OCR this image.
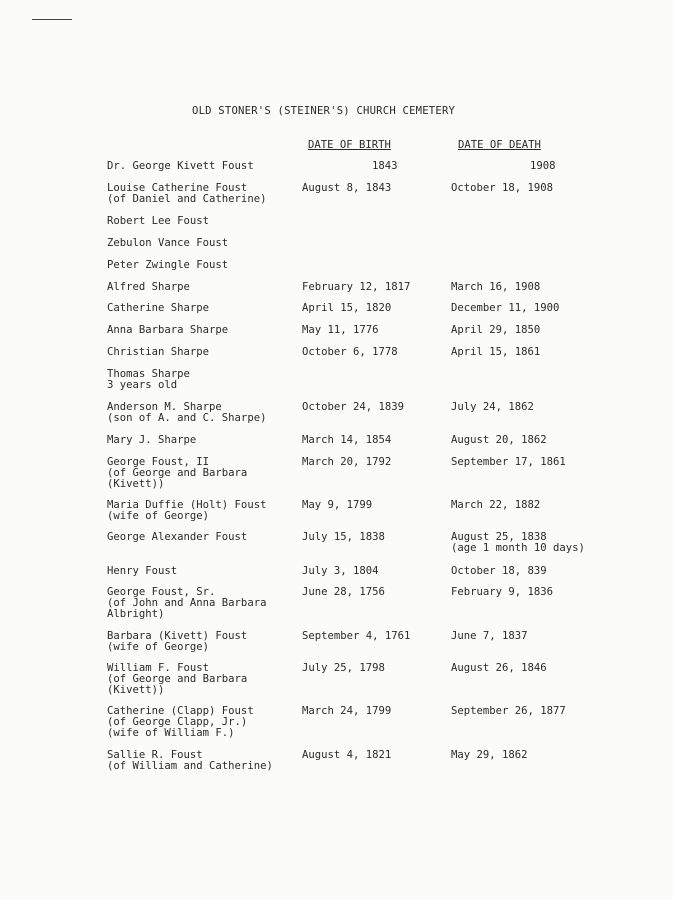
OLD STONER'S (STEINER'S) CHURCH CEMETERY
DATE OF BIRTH	DATE OF DEATH
Dr. George Kivett Foust	1843	1908
Louise Catherine Foust
(of Daniel and Catherine)
August 8, 1843	October 18, 1908
Robert Lee Foust
Zebulon Vance Foust
Peter Zwingle Foust
Alfred Sharpe	February 12, 1817	March 16, 1908
Catherine Sharpe	April 15, 1820	December 11, 1900
Anna Barbara Sharpe	May 11, 1776	April 29, 1850
Christian Sharpe	October 6, 1778	April 15, 1861
Thomas Sharpe
3 years old
Anderson M. Sharpe
(son of A. and C. Sharpe)
October 24, 1839	July 24, 1862
Mary J. Sharpe	March 14, 1854	August 20, 1862
George Foust, II
(of George and Barbara
(Kivett))
March 20, 1792	September 17, 1861
Maria Duffie (Holt) Foust
(wife of George)
May 9, 1799	March 22, 1882
George Alexander Foust	July 15, 1838	August 25, 1838
(age 1 month 10 days)
Henry Foust	July 3, 1804	October 18, 839
George Foust, Sr.
(of John and Anna Barbara
Albright)
June 28, 1756	February 9, 1836
Barbara (Kivett) Foust
(wife of George)
September 4, 1761	June 7, 1837
William F. Foust
(of George and Barbara
(Kivett))
July 25, 1798	August 26, 1846
Catherine (Clapp) Foust
(of George Clapp, Jr.)
(wife of William F.)
March 24, 1799	September 26, 1877
Sallie R. Foust
(of William and Catherine)
August 4, 1821	May 29, 1862
